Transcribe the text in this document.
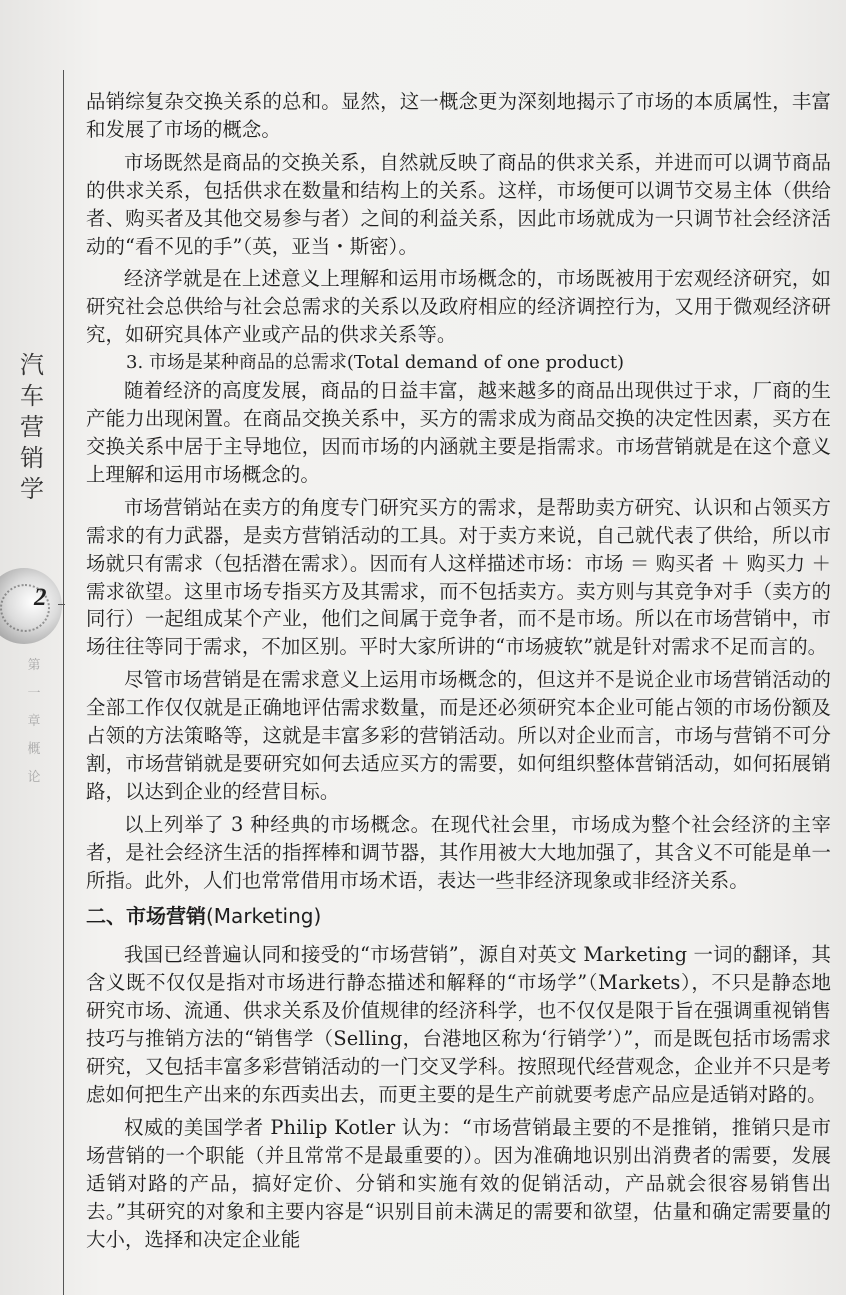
汽
车
营
销
学
2
第
一
章
概
论

品销综复杂交换关系的总和。显然，这一概念更为深刻地揭示了市场的本质属性，丰富和发展了市场的概念。

市场既然是商品的交换关系，自然就反映了商品的供求关系，并进而可以调节商品的供求关系，包括供求在数量和结构上的关系。这样，市场便可以调节交易主体（供给者、购买者及其他交易参与者）之间的利益关系，因此市场就成为一只调节社会经济活动的“看不见的手”（英，亚当・斯密）。

经济学就是在上述意义上理解和运用市场概念的，市场既被用于宏观经济研究，如研究社会总供给与社会总需求的关系以及政府相应的经济调控行为，又用于微观经济研究，如研究具体产业或产品的供求关系等。

3. 市场是某种商品的总需求(Total demand of one product)

随着经济的高度发展，商品的日益丰富，越来越多的商品出现供过于求，厂商的生产能力出现闲置。在商品交换关系中，买方的需求成为商品交换的决定性因素，买方在交换关系中居于主导地位，因而市场的内涵就主要是指需求。市场营销就是在这个意义上理解和运用市场概念的。

市场营销站在卖方的角度专门研究买方的需求，是帮助卖方研究、认识和占领买方需求的有力武器，是卖方营销活动的工具。对于卖方来说，自己就代表了供给，所以市场就只有需求（包括潜在需求）。因而有人这样描述市场：市场 ＝ 购买者 ＋ 购买力 ＋ 需求欲望。这里市场专指买方及其需求，而不包括卖方。卖方则与其竞争对手（卖方的同行）一起组成某个产业，他们之间属于竞争者，而不是市场。所以在市场营销中，市场往往等同于需求，不加区别。平时大家所讲的“市场疲软”就是针对需求不足而言的。

尽管市场营销是在需求意义上运用市场概念的，但这并不是说企业市场营销活动的全部工作仅仅就是正确地评估需求数量，而是还必须研究本企业可能占领的市场份额及占领的方法策略等，这就是丰富多彩的营销活动。所以对企业而言，市场与营销不可分割，市场营销就是要研究如何去适应买方的需要，如何组织整体营销活动，如何拓展销路，以达到企业的经营目标。

以上列举了 3 种经典的市场概念。在现代社会里，市场成为整个社会经济的主宰者，是社会经济生活的指挥棒和调节器，其作用被大大地加强了，其含义不可能是单一所指。此外，人们也常常借用市场术语，表达一些非经济现象或非经济关系。

二、市场营销(Marketing)

我国已经普遍认同和接受的“市场营销”，源自对英文 Marketing 一词的翻译，其含义既不仅仅是指对市场进行静态描述和解释的“市场学”（Markets），不只是静态地研究市场、流通、供求关系及价值规律的经济科学，也不仅仅是限于旨在强调重视销售技巧与推销方法的“销售学（Selling，台港地区称为‘行销学’）”，而是既包括市场需求研究，又包括丰富多彩营销活动的一门交叉学科。按照现代经营观念，企业并不只是考虑如何把生产出来的东西卖出去，而更主要的是生产前就要考虑产品应是适销对路的。

权威的美国学者 Philip Kotler 认为：“市场营销最主要的不是推销，推销只是市场营销的一个职能（并且常常不是最重要的）。因为准确地识别出消费者的需要，发展适销对路的产品，搞好定价、分销和实施有效的促销活动，产品就会很容易销售出去。”其研究的对象和主要内容是“识别目前未满足的需要和欲望，估量和确定需要量的大小，选择和决定企业能
